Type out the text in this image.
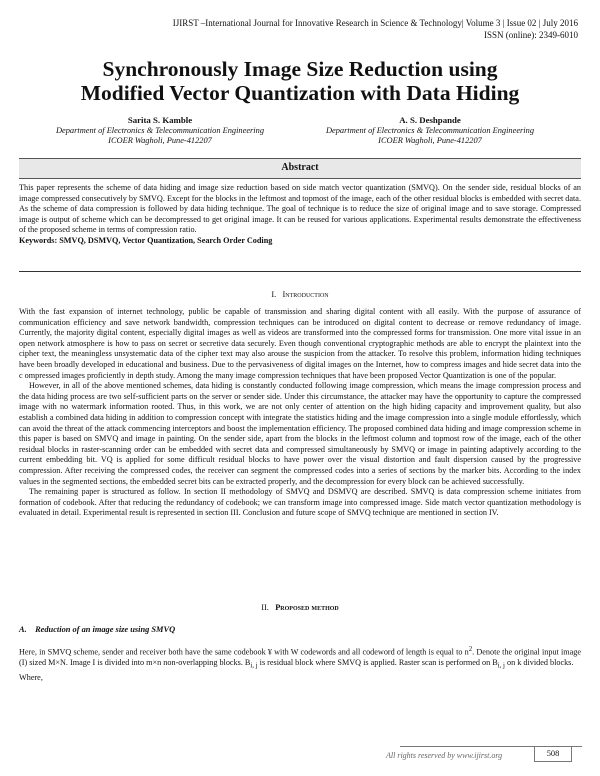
IJIRST –International Journal for Innovative Research in Science & Technology| Volume 3 | Issue 02 | July 2016
ISSN (online): 2349-6010
Synchronously Image Size Reduction using
Modified Vector Quantization with Data Hiding
Sarita S. Kamble
Department of Electronics & Telecommunication Engineering
ICOER Wagholi, Pune-412207
A. S. Deshpande
Department of Electronics & Telecommunication Engineering
ICOER Wagholi, Pune-412207
Abstract

This paper represents the scheme of data hiding and image size reduction based on side match vector quantization (SMVQ). On the sender side, residual blocks of an image compressed consecutively by SMVQ. Except for the blocks in the leftmost and topmost of the image, each of the other residual blocks is embedded with secret data. As the scheme of data compression is followed by data hiding technique. The goal of technique is to reduce the size of original image and to save storage. Compressed image is output of scheme which can be decompressed to get original image. It can be reused for various applications. Experimental results demonstrate the effectiveness of the proposed scheme in terms of compression ratio.

Keywords: SMVQ, DSMVQ, Vector Quantization, Search Order Coding

I. Introduction

With the fast expansion of internet technology, public be capable of transmission and sharing digital content with all easily. With the purpose of assurance of communication efficiency and save network bandwidth, compression techniques can be introduced on digital content to decrease or remove redundancy of image. Currently, the majority digital content, especially digital images as well as videos are transformed into the compressed forms for transmission. One more vital issue in an open network atmosphere is how to pass on secret or secretive data securely. Even though conventional cryptographic methods are able to encrypt the plaintext into the cipher text, the meaningless unsystematic data of the cipher text may also arouse the suspicion from the attacker. To resolve this problem, information hiding techniques have been broadly developed in educational and business. Due to the pervasiveness of digital images on the Internet, how to compress images and hide secret data into the c ompressed images proficiently in depth study. Among the many image compression techniques that have been proposed Vector Quantization is one of the popular.

However, in all of the above mentioned schemes, data hiding is constantly conducted following image compression, which means the image compression process and the data hiding process are two self-sufficient parts on the server or sender side. Under this circumstance, the attacker may have the opportunity to capture the compressed image with no watermark information rooted. Thus, in this work, we are not only center of attention on the high hiding capacity and improvement quality, but also establish a combined data hiding in addition to compression concept with integrate the statistics hiding and the image compression into a single module effortlessly, which can avoid the threat of the attack commencing interceptors and boost the implementation efficiency. The proposed combined data hiding and image compression scheme in this paper is based on SMVQ and image in painting. On the sender side, apart from the blocks in the leftmost column and topmost row of the image, each of the other residual blocks in raster-scanning order can be embedded with secret data and compressed simultaneously by SMVQ or image in painting adaptively according to the current embedding bit. VQ is applied for some difficult residual blocks to have power over the visual distortion and fault dispersion caused by the progressive compression. After receiving the compressed codes, the receiver can segment the compressed codes into a series of sections by the marker bits. According to the index values in the segmented sections, the embedded secret bits can be extracted properly, and the decompression for every block can be achieved successfully.

The remaining paper is structured as follow. In section II methodology of SMVQ and DSMVQ are described. SMVQ is data compression scheme initiates from formation of codebook. After that reducing the redundancy of codebook; we can transform image into compressed image. Side match vector quantization methodology is evaluated in detail. Experimental result is represented in section III. Conclusion and future scope of SMVQ technique are mentioned in section IV.

II. Proposed method
A. Reduction of an image size using SMVQ

Here, in SMVQ scheme, sender and receiver both have the same codebook ¥ with W codewords and all codeword of length is equal to $n^2$. Denote the original input image (I) sized M×N. Image I is divided into m×n non-overlapping blocks. $B_{i, j}$ is residual block where SMVQ is applied. Raster scan is performed on $B_{i, j}$ on k divided blocks.

Where,

All rights reserved by www.ijirst.org	508
